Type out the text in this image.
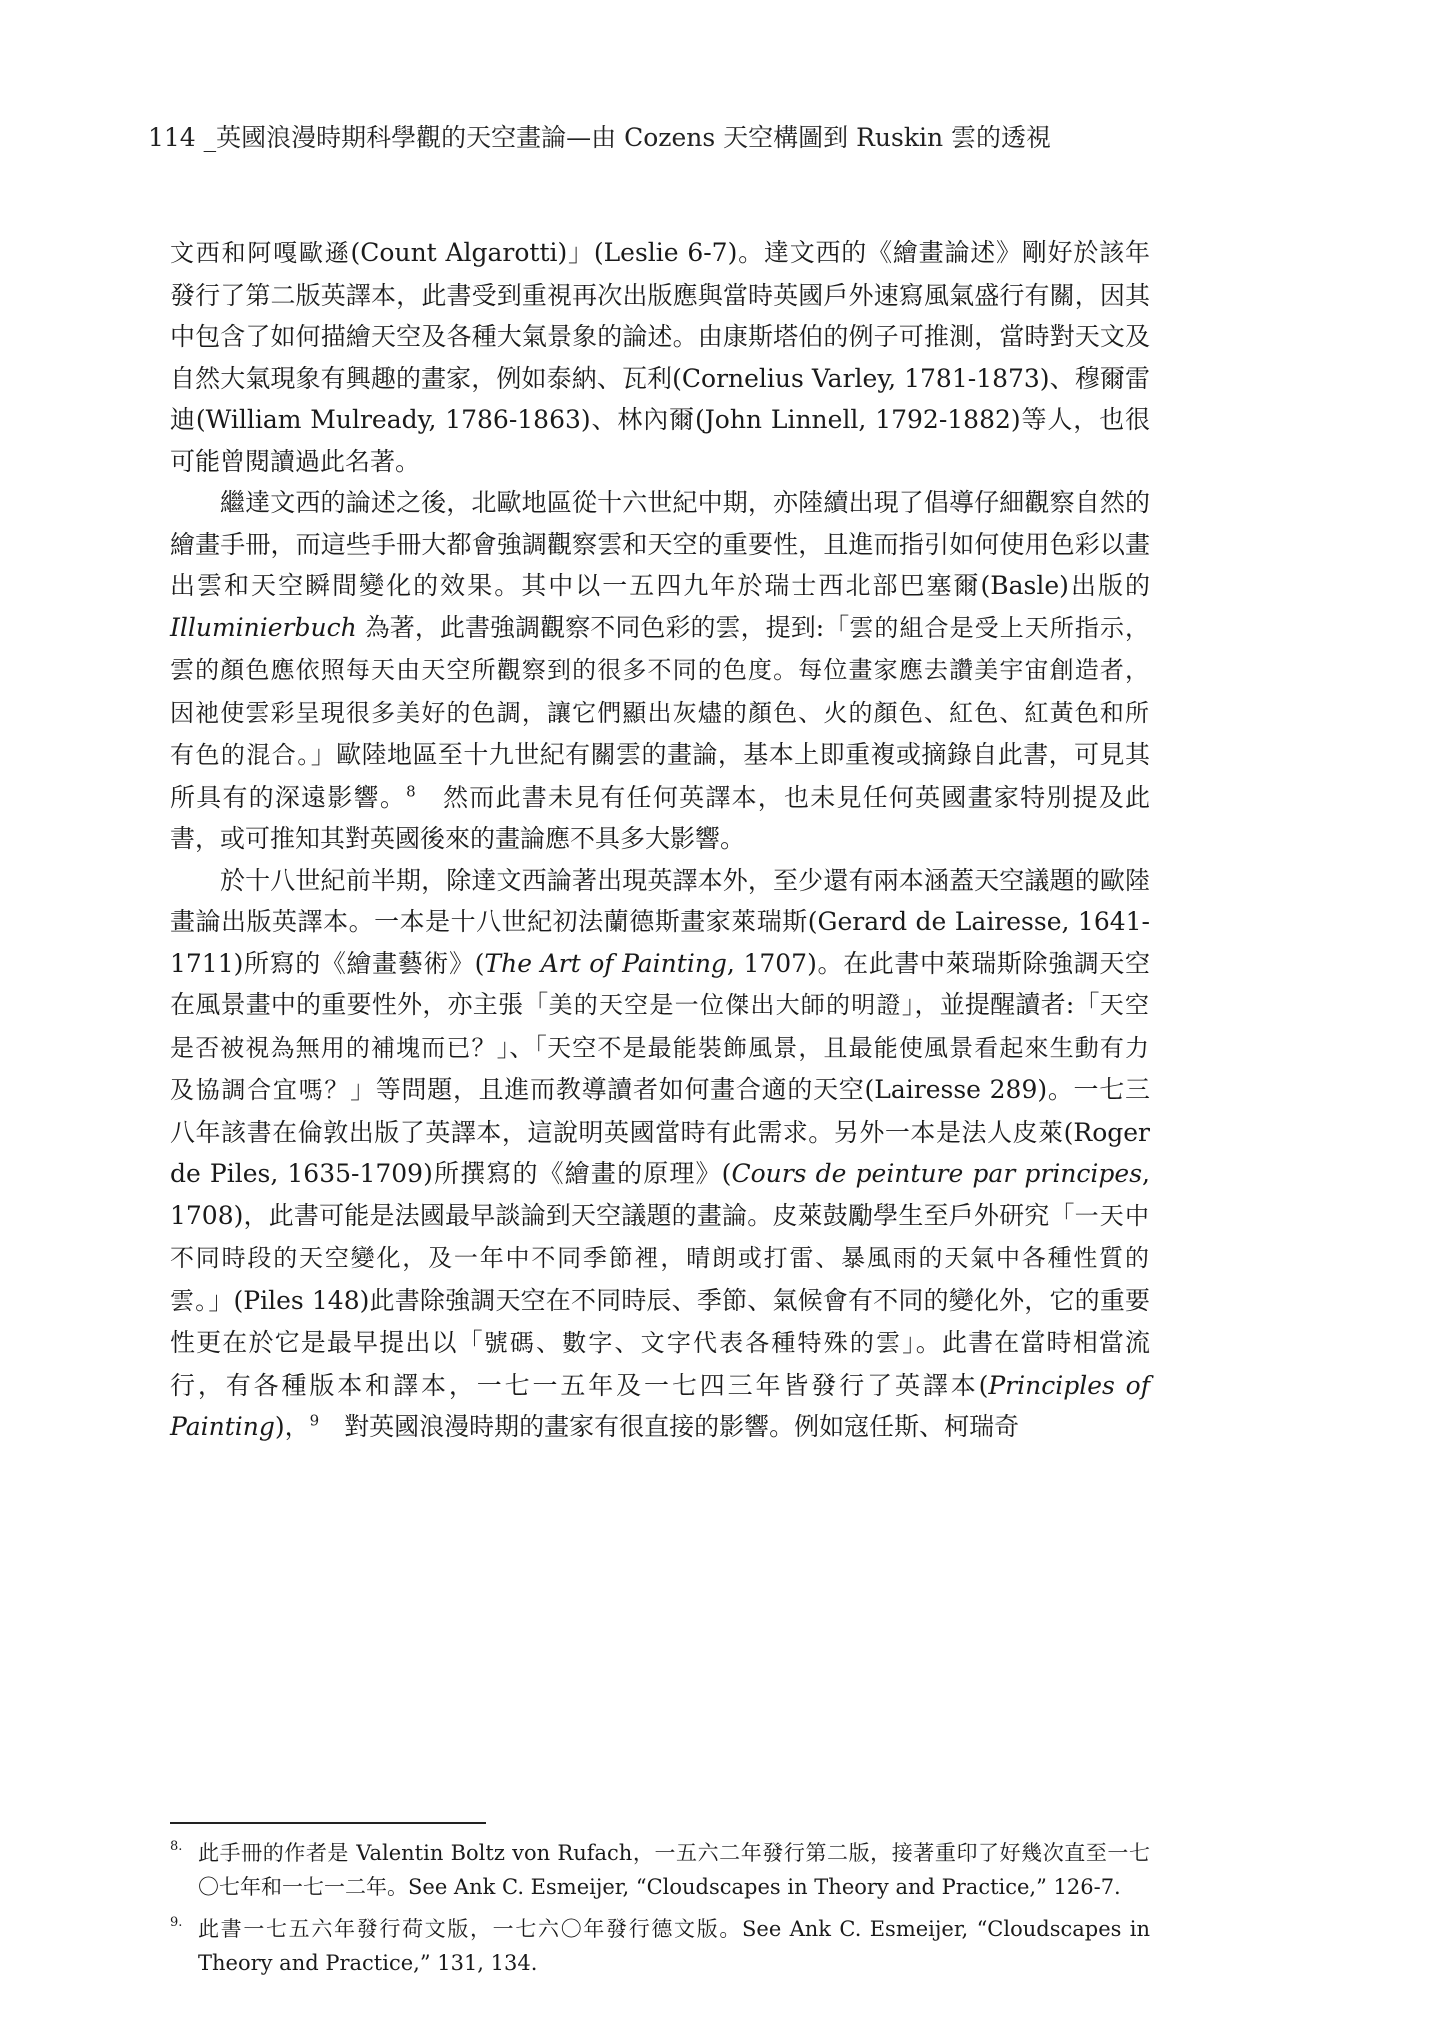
114 _英國浪漫時期科學觀的天空畫論—由 Cozens 天空構圖到 Ruskin 雲的透視

文西和阿嘎歐遜(Count Algarotti)」(Leslie 6-7)。達文西的《繪畫論述》剛好於該年發行了第二版英譯本，此書受到重視再次出版應與當時英國戶外速寫風氣盛行有關，因其中包含了如何描繪天空及各種大氣景象的論述。由康斯塔伯的例子可推測，當時對天文及自然大氣現象有興趣的畫家，例如泰納、瓦利(Cornelius Varley, 1781-1873)、穆爾雷迪(William Mulready, 1786-1863)、林內爾(John Linnell, 1792-1882)等人，也很可能曾閱讀過此名著。

繼達文西的論述之後，北歐地區從十六世紀中期，亦陸續出現了倡導仔細觀察自然的繪畫手冊，而這些手冊大都會強調觀察雲和天空的重要性，且進而指引如何使用色彩以畫出雲和天空瞬間變化的效果。其中以一五四九年於瑞士西北部巴塞爾(Basle)出版的 Illuminierbuch 為著，此書強調觀察不同色彩的雲，提到:「雲的組合是受上天所指示，雲的顏色應依照每天由天空所觀察到的很多不同的色度。每位畫家應去讚美宇宙創造者，因祂使雲彩呈現很多美好的色調，讓它們顯出灰燼的顏色、火的顏色、紅色、紅黃色和所有色的混合。」歐陸地區至十九世紀有關雲的畫論，基本上即重複或摘錄自此書，可見其所具有的深遠影響。$^8$　然而此書未見有任何英譯本，也未見任何英國畫家特別提及此書，或可推知其對英國後來的畫論應不具多大影響。

於十八世紀前半期，除達文西論著出現英譯本外，至少還有兩本涵蓋天空議題的歐陸畫論出版英譯本。一本是十八世紀初法蘭德斯畫家萊瑞斯(Gerard de Lairesse, 1641-1711)所寫的《繪畫藝術》(The Art of Painting, 1707)。在此書中萊瑞斯除強調天空在風景畫中的重要性外，亦主張「美的天空是一位傑出大師的明證」，並提醒讀者:「天空是否被視為無用的補塊而已？」、「天空不是最能裝飾風景，且最能使風景看起來生動有力及協調合宜嗎？」等問題，且進而教導讀者如何畫合適的天空(Lairesse 289)。一七三八年該書在倫敦出版了英譯本，這說明英國當時有此需求。另外一本是法人皮萊(Roger de Piles, 1635-1709)所撰寫的《繪畫的原理》(Cours de peinture par principes, 1708)，此書可能是法國最早談論到天空議題的畫論。皮萊鼓勵學生至戶外研究「一天中不同時段的天空變化，及一年中不同季節裡，晴朗或打雷、暴風雨的天氣中各種性質的雲。」(Piles 148)此書除強調天空在不同時辰、季節、氣候會有不同的變化外，它的重要性更在於它是最早提出以「號碼、數字、文字代表各種特殊的雲」。此書在當時相當流行，有各種版本和譯本，一七一五年及一七四三年皆發行了英譯本(Principles of Painting)，$^9$　對英國浪漫時期的畫家有很直接的影響。例如寇任斯、柯瑞奇

8. 此手冊的作者是 Valentin Boltz von Rufach，一五六二年發行第二版，接著重印了好幾次直至一七〇七年和一七一二年。See Ank C. Esmeijer, “Cloudscapes in Theory and Practice,” 126-7.
9. 此書一七五六年發行荷文版，一七六〇年發行德文版。See Ank C. Esmeijer, “Cloudscapes in Theory and Practice,” 131, 134.
